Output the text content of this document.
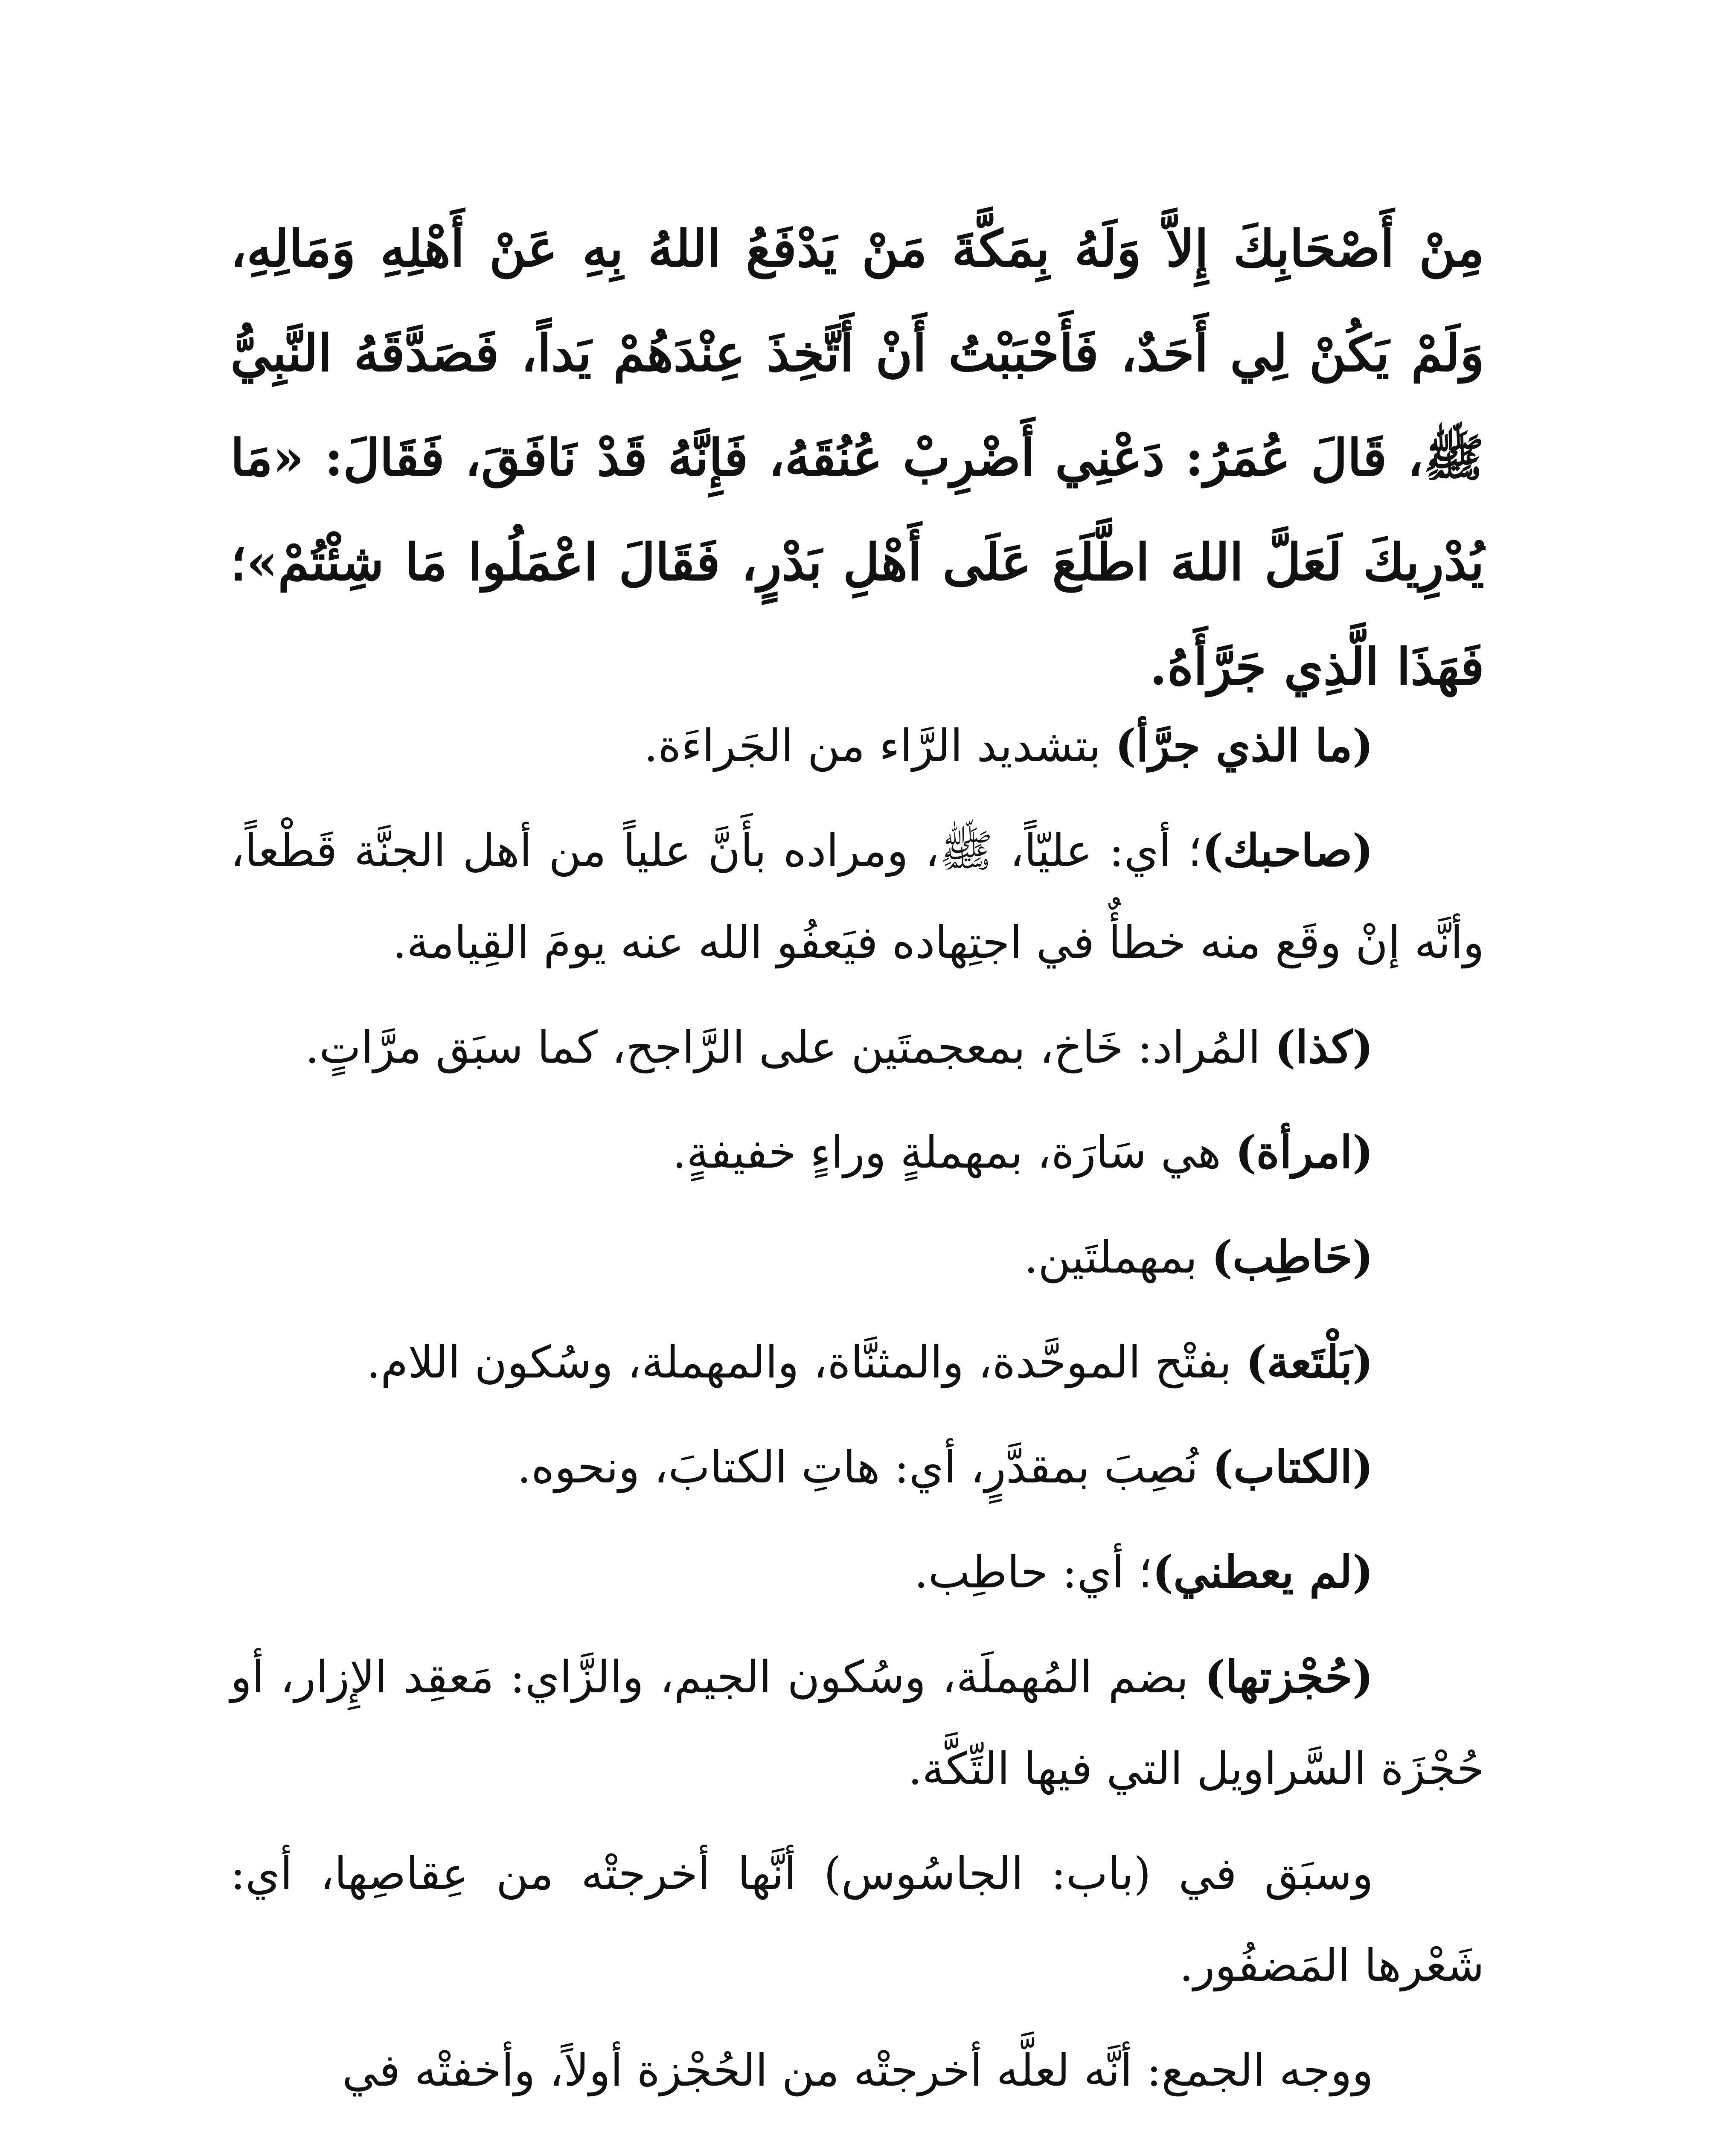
مِنْ أَصْحَابِكَ إِلاَّ وَلَهُ بِمَكَّةَ مَنْ يَدْفَعُ اللهُ بِهِ عَنْ أَهْلِهِ وَمَالِهِ، وَلَمْ يَكُنْ لِي أَحَدٌ، فَأَحْبَبْتُ أَنْ أَتَّخِذَ عِنْدَهُمْ يَداً، فَصَدَّقَهُ النَّبِيُّ ﷺ، قَالَ عُمَرُ: دَعْنِي أَضْرِبْ عُنُقَهُ، فَإِنَّهُ قَدْ نَافَقَ، فَقَالَ: «مَا يُدْرِيكَ لَعَلَّ اللهَ اطَّلَعَ عَلَى أَهْلِ بَدْرٍ، فَقَالَ اعْمَلُوا مَا شِئْتُمْ»؛ فَهَذَا الَّذِي جَرَّأَهُ.

(ما الذي جرَّأ) بتشديد الرَّاء من الجَراءَة.

(صاحبك)؛ أي: عليّاً، ﷺ، ومراده بأَنَّ علياً من أهل الجنَّة قَطْعاً، وأنَّه إنْ وقَع منه خطأٌ في اجتِهاده فيَعفُو الله عنه يومَ القِيامة.

(كذا) المُراد: خَاخ، بمعجمتَين على الرَّاجح، كما سبَق مرَّاتٍ.

(امرأة) هي سَارَة، بمهملةٍ وراءٍ خفيفةٍ.

(حَاطِب) بمهملتَين.

(بَلْتَعة) بفتْح الموحَّدة، والمثنَّاة، والمهملة، وسُكون اللام.

(الكتاب) نُصِبَ بمقدَّرٍ، أي: هاتِ الكتابَ، ونحوه.

(لم يعطني)؛ أي: حاطِب.

(حُجْزتها) بضم المُهملَة، وسُكون الجيم، والزَّاي: مَعقِد الإِزار، أو حُجْزَة السَّراويل التي فيها التِّكَّة.

وسبَق في (باب: الجاسُوس) أنَّها أخرجتْه من عِقاصِها، أي: شَعْرها المَضفُور.

ووجه الجمع: أنَّه لعلَّه أخرجتْه من الحُجْزة أولاً، وأخفتْه في
